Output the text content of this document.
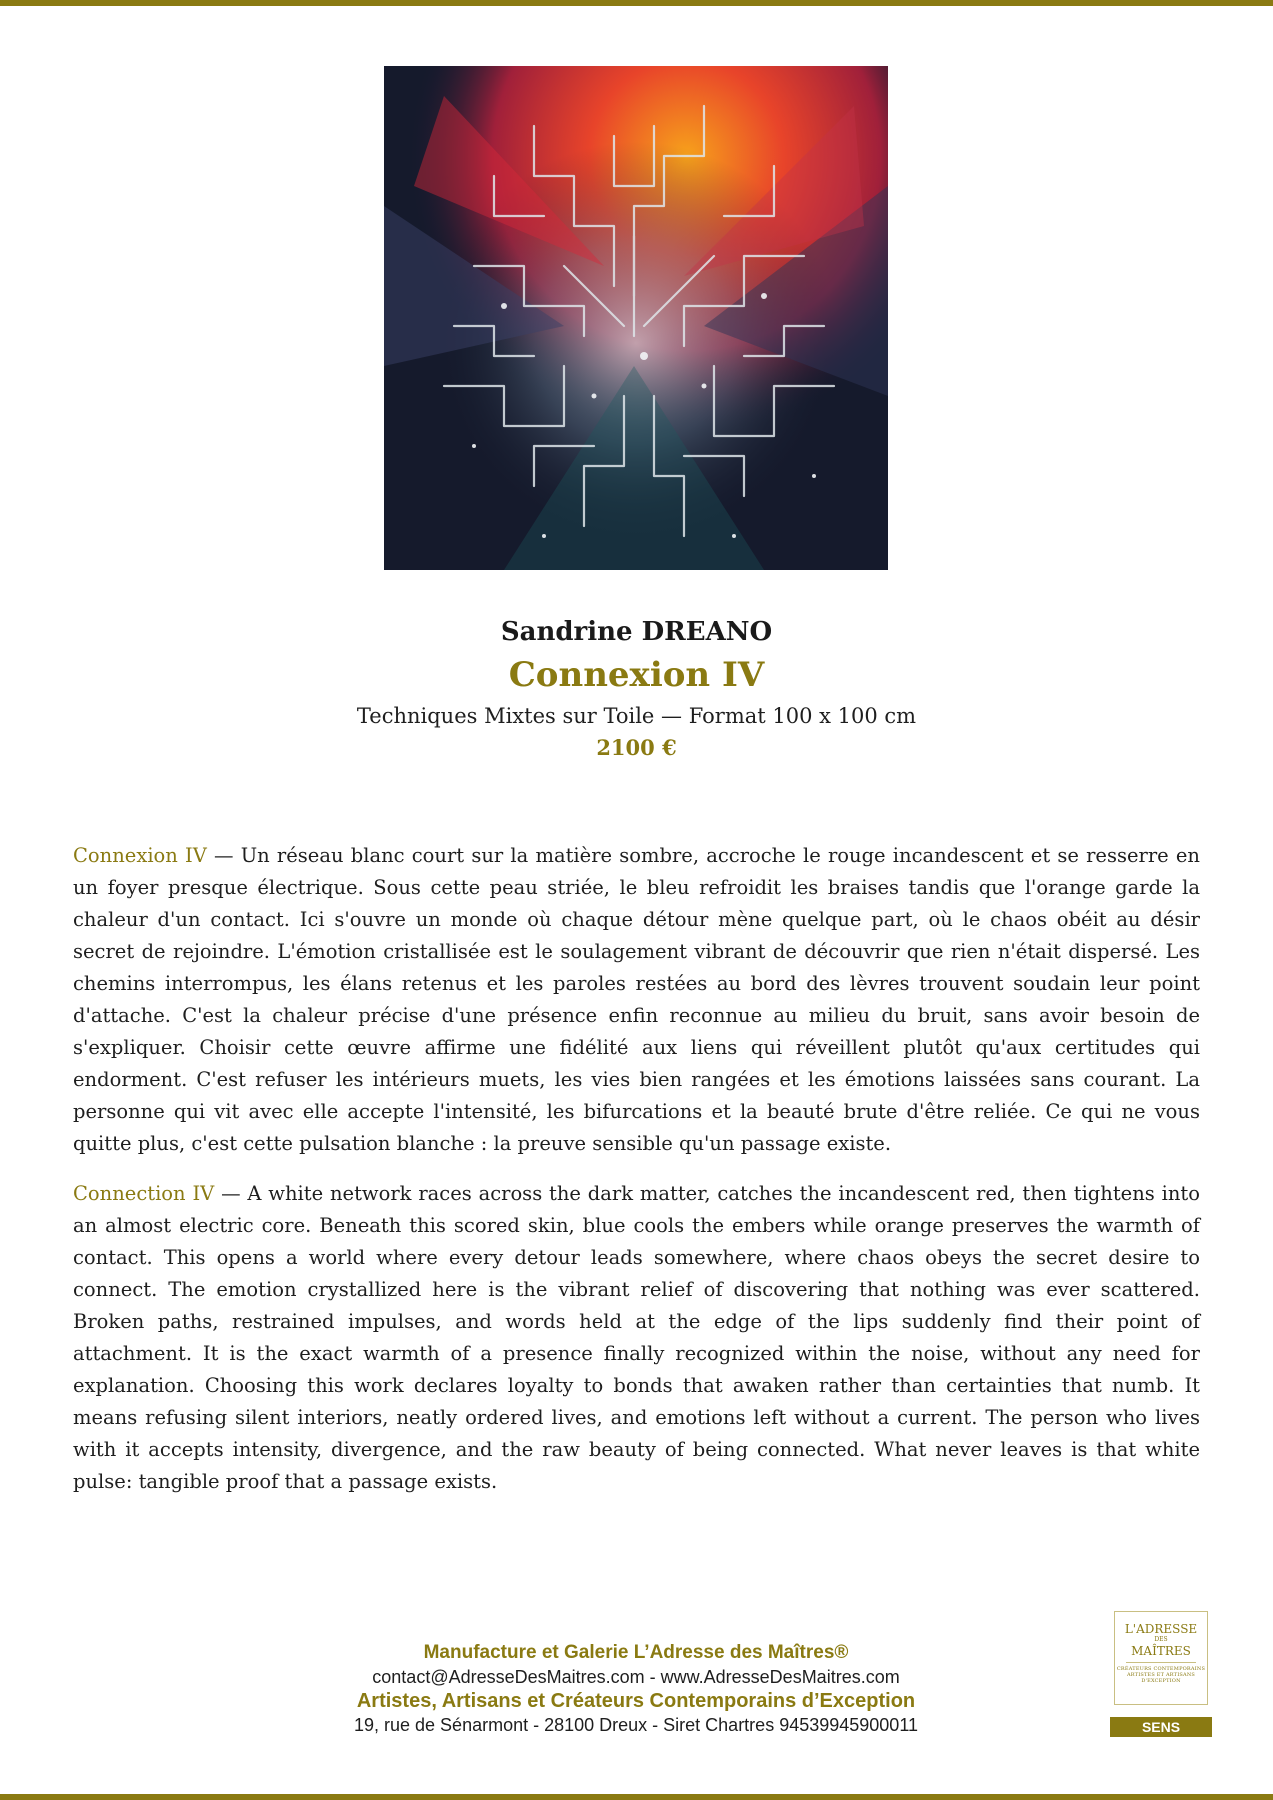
Sandrine DREANO
Connexion IV
Techniques Mixtes sur Toile — Format 100 x 100 cm
2100 €

Connexion IV — Un réseau blanc court sur la matière sombre, accroche le rouge incandescent et se resserre en un foyer presque électrique. Sous cette peau striée, le bleu refroidit les braises tandis que l'orange garde la chaleur d'un contact. Ici s'ouvre un monde où chaque détour mène quelque part, où le chaos obéit au désir secret de rejoindre. L'émotion cristallisée est le soulagement vibrant de découvrir que rien n'était dispersé. Les chemins interrompus, les élans retenus et les paroles restées au bord des lèvres trouvent soudain leur point d'attache. C'est la chaleur précise d'une présence enfin reconnue au milieu du bruit, sans avoir besoin de s'expliquer. Choisir cette œuvre affirme une fidélité aux liens qui réveillent plutôt qu'aux certitudes qui endorment. C'est refuser les intérieurs muets, les vies bien rangées et les émotions laissées sans courant. La personne qui vit avec elle accepte l'intensité, les bifurcations et la beauté brute d'être reliée. Ce qui ne vous quitte plus, c'est cette pulsation blanche : la preuve sensible qu'un passage existe.

Connection IV — A white network races across the dark matter, catches the incandescent red, then tightens into an almost electric core. Beneath this scored skin, blue cools the embers while orange preserves the warmth of contact. This opens a world where every detour leads somewhere, where chaos obeys the secret desire to connect. The emotion crystallized here is the vibrant relief of discovering that nothing was ever scattered. Broken paths, restrained impulses, and words held at the edge of the lips suddenly find their point of attachment. It is the exact warmth of a presence finally recognized within the noise, without any need for explanation. Choosing this work declares loyalty to bonds that awaken rather than certainties that numb. It means refusing silent interiors, neatly ordered lives, and emotions left without a current. The person who lives with it accepts intensity, divergence, and the raw beauty of being connected. What never leaves is that white pulse: tangible proof that a passage exists.

Manufacture et Galerie L’Adresse des Maîtres®
contact@AdresseDesMaitres.com - www.AdresseDesMaitres.com
Artistes, Artisans et Créateurs Contemporains d’Exception
19, rue de Sénarmont - 28100 Dreux - Siret Chartres 94539945900011
L'ADRESSE
DES
MAÎTRES
CRÉATEURS CONTEMPORAINS ARTISTES ET ARTISANS D'EXCEPTION
SENS
